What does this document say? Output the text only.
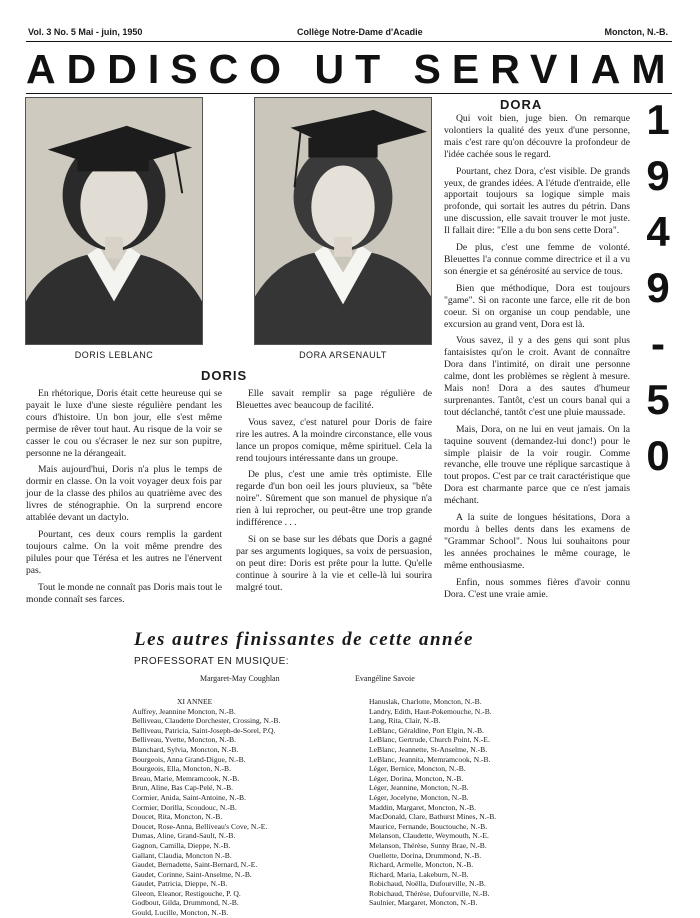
Vol. 3 No. 5 Mai - juin, 1950	Collège Notre-Dame d'Acadie	Moncton, N.-B.
ADDISCO UT SERVIAM
DORIS LEBLANC	DORA ARSENAULT
1
9
4
9
-
5
0
DORA

Qui voit bien, juge bien. On remarque volontiers la qualité des yeux d'une personne, mais c'est rare qu'on découvre la profondeur de l'idée cachée sous le regard.

Pourtant, chez Dora, c'est visible. De grands yeux, de grandes idées. A l'étude d'entraide, elle apportait toujours sa logique simple mais profonde, qui sortait les autres du pétrin. Dans une discussion, elle savait trouver le mot juste. Il fallait dire: "Elle a du bon sens cette Dora".

De plus, c'est une femme de volonté. Bleuettes l'a connue comme directrice et il a vu son énergie et sa générosité au service de tous.

Bien que méthodique, Dora est toujours "game". Si on raconte une farce, elle rit de bon coeur. Si on organise un coup pendable, une excursion au grand vent, Dora est là.

Vous savez, il y a des gens qui sont plus fantaisistes qu'on le croit. Avant de connaître Dora dans l'intimité, on dirait une personne calme, dont les problèmes se règlent à mesure. Mais non! Dora a des sautes d'humeur surprenantes. Tantôt, c'est un cours banal qui a tout déclanché, tantôt c'est une pluie maussade.

Mais, Dora, on ne lui en veut jamais. On la taquine souvent (demandez-lui donc!) pour le simple plaisir de la voir rougir. Comme revanche, elle trouve une réplique sarcastique à tout propos. C'est par ce trait caractéristique que Dora est charmante parce que ce n'est jamais méchant.

A la suite de longues hésitations, Dora a mordu à belles dents dans les examens de "Grammar School". Nous lui souhaitons pour les années prochaines le même courage, le même enthousiasme.

Enfin, nous sommes fières d'avoir connu Dora. C'est une vraie amie.

DORIS

En rhétorique, Doris était cette heureuse qui se payait le luxe d'une sieste régulière pendant les cours d'histoire. Un bon jour, elle s'est même permise de rêver tout haut. Au risque de la voir se casser le cou ou s'écraser le nez sur son pupitre, personne ne la dérangeait.

Mais aujourd'hui, Doris n'a plus le temps de dormir en classe. On la voit voyager deux fois par jour de la classe des philos au quatrième avec des livres de sténographie. On la surprend encore attablée devant un dactylo.

Pourtant, ces deux cours remplis la gardent toujours calme. On la voit même prendre des pilules pour que Térésa et les autres ne l'énervent pas.

Tout le monde ne connaît pas Doris mais tout le monde connaît ses farces.

Elle savait remplir sa page régulière de Bleuettes avec beaucoup de facilité.

Vous savez, c'est naturel pour Doris de faire rire les autres. A la moindre circonstance, elle vous lance un propos comique, même spirituel. Cela la rend toujours intéressante dans un groupe.

De plus, c'est une amie très optimiste. Elle regarde d'un bon oeil les jours pluvieux, sa "bête noire". Sûrement que son manuel de physique n'a rien à lui reprocher, ou peut-être une trop grande indifférence . . .

Si on se base sur les débats que Doris a gagné par ses arguments logiques, sa voix de persuasion, on peut dire: Doris est prête pour la lutte. Qu'elle continue à sourire à la vie et celle-là lui sourira malgré tout.

Les autres finissantes de cette année
PROFESSORAT EN MUSIQUE:
Margaret-May Coughlan	Evangéline Savoie
XI ANNEE
Auffrey, Jeannine Moncton, N.-B.
Belliveau, Claudette Dorchester, Crossing, N.-B.
Belliveau, Patricia, Saint-Joseph-de-Sorel, P.Q.
Belliveau, Yvette, Moncton, N.-B.
Blanchard, Sylvia, Moncton, N.-B.
Bourgeois, Anna Grand-Digue, N.-B.
Bourgeois, Ella, Moncton, N.-B.
Breau, Marie, Memramcook, N.-B.
Brun, Aline, Bas Cap-Pelé, N.-B.
Cormier, Anida, Saint-Antoine, N.-B.
Cormier, Dorilla, Scoudouc, N.-B.
Doucet, Rita, Moncton, N.-B.
Doucet, Rose-Anna, Belliveau's Cove, N.-E.
Dumas, Aline, Grand-Sault, N.-B.
Gagnon, Camilla, Dieppe, N.-B.
Gallant, Claudia, Moncton N.-B.
Gaudet, Bernadette, Saint-Bernard, N.-E.
Gaudet, Corinne, Saint-Anselme, N.-B.
Gaudet, Patricia, Dieppe, N.-B.
Gleeon, Eleanor, Restigouche, P. Q.
Godbout, Gilda, Drummond, N.-B.
Gould, Lucille, Moncton, N.-B.
Hanuslak, Charlotte, Moncton, N.-B.
Landry, Edith, Haut-Pokemouche, N.-B.
Lang, Rita, Clair, N.-B.
LeBlanc, Géraldine, Port Elgin, N.-B.
LeBlanc, Gertrude, Church Point, N.-E.
LeBlanc, Jeannette, St-Anselme, N.-B.
LeBlanc, Jeannita, Memramcook, N.-B.
Léger, Bernice, Moncton, N.-B.
Léger, Dorina, Moncton, N.-B.
Léger, Jeannine, Moncton, N.-B.
Léger, Jocelyne, Moncton, N.-B.
Maddin, Margaret, Moncton, N.-B.
MacDonald, Clare, Bathurst Mines, N.-B.
Maurice, Fernande, Bouctouche, N.-B.
Melanson, Claudette, Weymouth, N.-E.
Melanson, Thérèse, Sunny Brae, N.-B.
Ouellette, Dorina, Drummond, N.-B.
Richard, Armelle, Moncton, N.-B.
Richard, Maria, Lakeburn, N.-B.
Robichaud, Noëlla, Dufourville, N.-B.
Robichaud, Thérèse, Dufourville, N.-B.
Saulnier, Margaret, Moncton, N.-B.
